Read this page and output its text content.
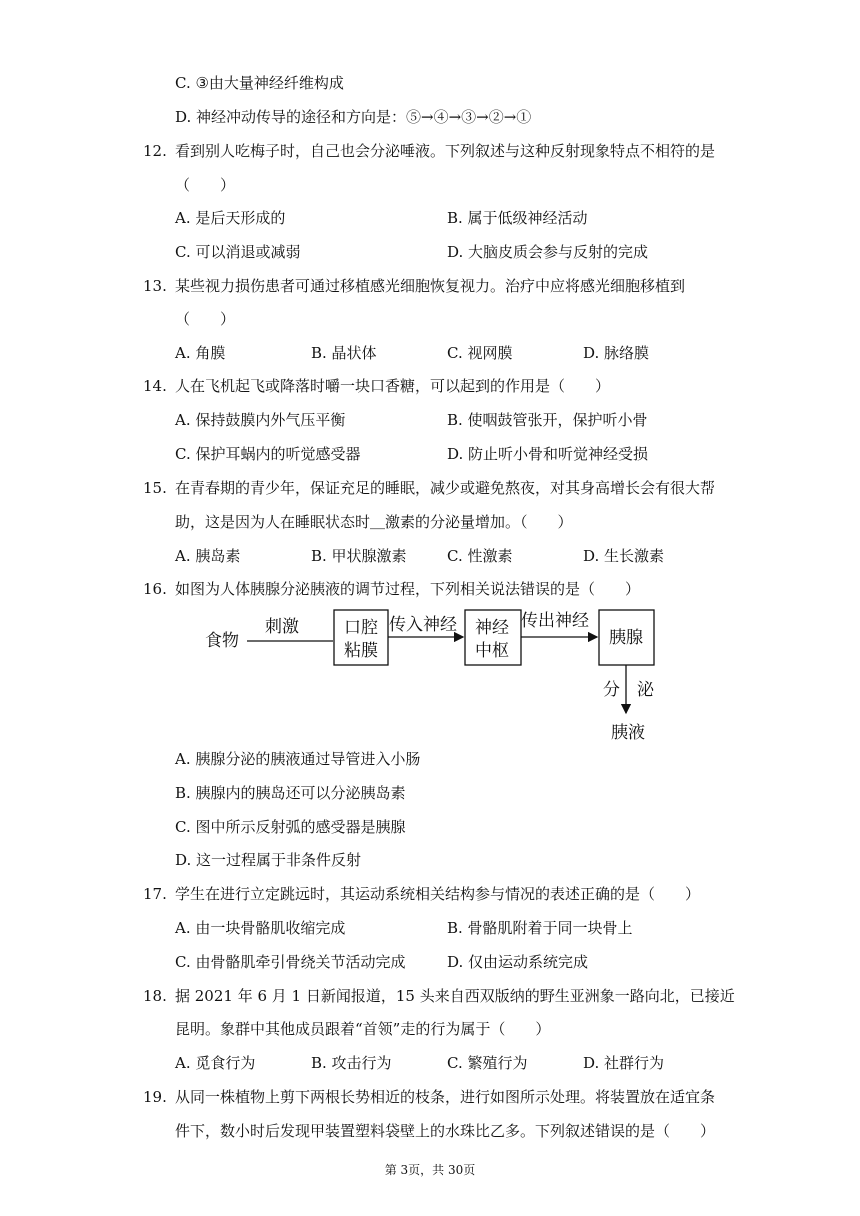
C. ③由大量神经纤维构成
D. 神经冲动传导的途径和方向是：⑤→④→③→②→①
12. 看到别人吃梅子时，自己也会分泌唾液。下列叙述与这种反射现象特点不相符的是
（　　）
A. 是后天形成的	B. 属于低级神经活动
C. 可以消退或减弱	D. 大脑皮质会参与反射的完成
13. 某些视力损伤患者可通过移植感光细胞恢复视力。治疗中应将感光细胞移植到
（　　）
A. 角膜	B. 晶状体	C. 视网膜	D. 脉络膜
14. 人在飞机起飞或降落时嚼一块口香糖，可以起到的作用是（　　）
A. 保持鼓膜内外气压平衡	B. 使咽鼓管张开，保护听小骨
C. 保护耳蜗内的听觉感受器	D. 防止听小骨和听觉神经受损
15. 在青春期的青少年，保证充足的睡眠，减少或避免熬夜，对其身高增长会有很大帮
助，这是因为人在睡眠状态时＿激素的分泌量增加。（　　）
A. 胰岛素	B. 甲状腺激素	C. 性激素	D. 生长激素
16. 如图为人体胰腺分泌胰液的调节过程，下列相关说法错误的是（　　）
食物
刺激	口腔
粘膜
传入神经 神经
中枢
传出神经
胰腺
分　泌
胰液
A. 胰腺分泌的胰液通过导管进入小肠
B. 胰腺内的胰岛还可以分泌胰岛素
C. 图中所示反射弧的感受器是胰腺
D. 这一过程属于非条件反射
17. 学生在进行立定跳远时，其运动系统相关结构参与情况的表述正确的是（　　）
A. 由一块骨骼肌收缩完成	B. 骨骼肌附着于同一块骨上
C. 由骨骼肌牵引骨绕关节活动完成	D. 仅由运动系统完成
18. 据 2021 年 6 月 1 日新闻报道，15 头来自西双版纳的野生亚洲象一路向北，已接近
昆明。象群中其他成员跟着“首领”走的行为属于（　　）
A. 觅食行为	B. 攻击行为	C. 繁殖行为	D. 社群行为
19. 从同一株植物上剪下两根长势相近的枝条，进行如图所示处理。将装置放在适宜条
件下，数小时后发现甲装置塑料袋壁上的水珠比乙多。下列叙述错误的是（　　）
第 3页，共 30页
